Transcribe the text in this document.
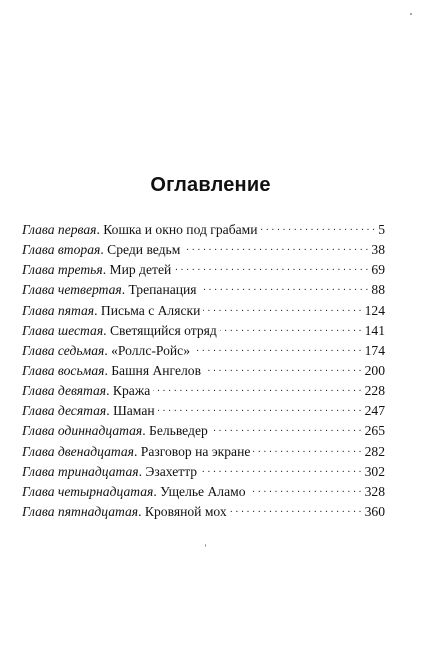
Оглавление
Глава первая. Кошка и окно под грабами . . .	5
Глава вторая. Среди ведьм . . .	38
Глава третья. Мир детей . . .	69
Глава четвертая. Трепанация . . .	88
Глава пятая. Письма с Аляски . . .	124
Глава шестая. Светящийся отряд . . .	141
Глава седьмая. «Роллс-Ройс» . . .	174
Глава восьмая. Башня Ангелов . . .	200
Глава девятая. Кража . . .	228
Глава десятая. Шаман . . .	247
Глава одиннадцатая. Бельведер . . .	265
Глава двенадцатая. Разговор на экране . . .	282
Глава тринадцатая. Эзахеттр . . .	302
Глава четырнадцатая. Ущелье Аламо . . .	328
Глава пятнадцатая. Кровяной мох . . .	360
